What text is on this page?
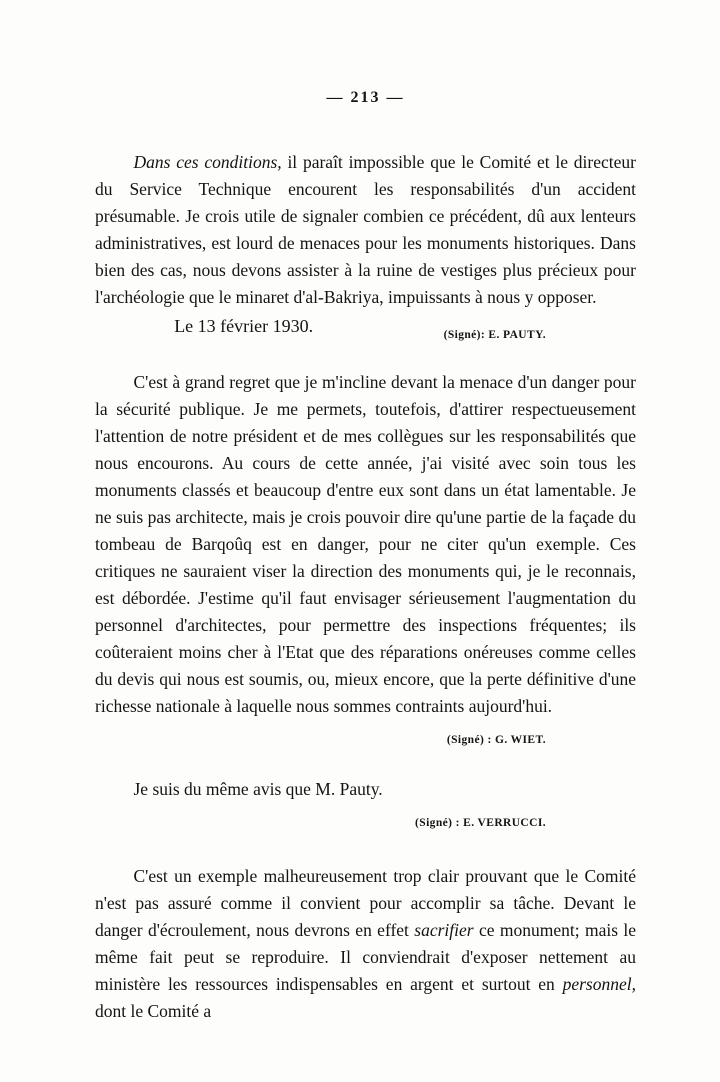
— 213 —

Dans ces conditions, il paraît impossible que le Comité et le directeur du Service Technique encourent les responsabilités d'un accident présumable. Je crois utile de signaler combien ce précédent, dû aux lenteurs administratives, est lourd de menaces pour les monuments historiques. Dans bien des cas, nous devons assister à la ruine de vestiges plus précieux pour l'archéologie que le minaret d'al-Bakriya, impuissants à nous y opposer.

Le 13 février 1930.	(Signé): E. PAUTY.

C'est à grand regret que je m'incline devant la menace d'un danger pour la sécurité publique. Je me permets, toutefois, d'attirer respectueusement l'attention de notre président et de mes collègues sur les responsabilités que nous encourons. Au cours de cette année, j'ai visité avec soin tous les monuments classés et beaucoup d'entre eux sont dans un état lamentable. Je ne suis pas architecte, mais je crois pouvoir dire qu'une partie de la façade du tombeau de Barqoûq est en danger, pour ne citer qu'un exemple. Ces critiques ne sauraient viser la direction des monuments qui, je le reconnais, est débordée. J'estime qu'il faut envisager sérieusement l'augmentation du personnel d'architectes, pour permettre des inspections fréquentes; ils coûteraient moins cher à l'Etat que des réparations onéreuses comme celles du devis qui nous est soumis, ou, mieux encore, que la perte définitive d'une richesse nationale à laquelle nous sommes contraints aujourd'hui.

(Signé) : G. WIET.

Je suis du même avis que M. Pauty.

(Signé) : E. VERRUCCI.

C'est un exemple malheureusement trop clair prouvant que le Comité n'est pas assuré comme il convient pour accomplir sa tâche. Devant le danger d'écroulement, nous devrons en effet sacrifier ce monument; mais le même fait peut se reproduire. Il conviendrait d'exposer nettement au ministère les ressources indispensables en argent et surtout en personnel, dont le Comité a
